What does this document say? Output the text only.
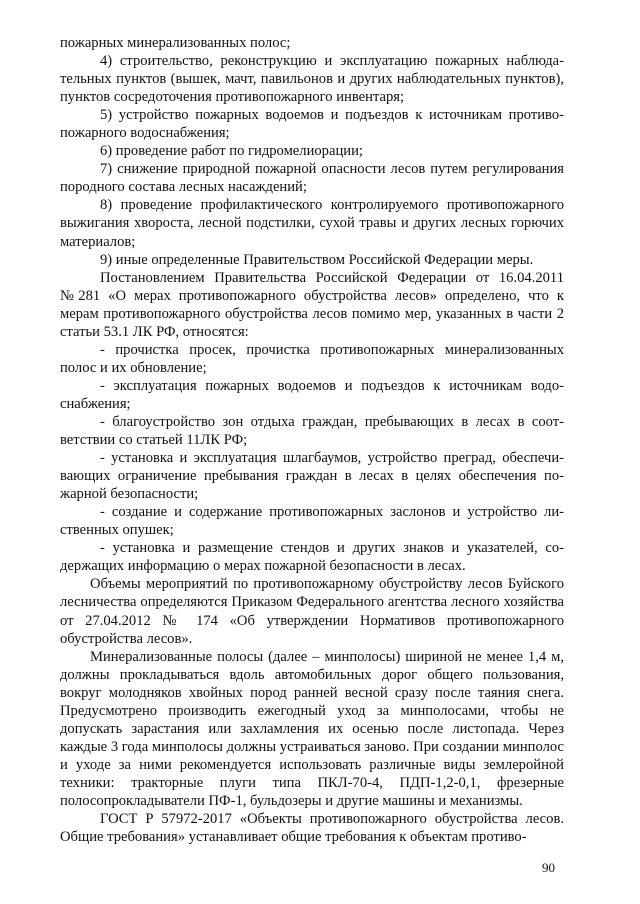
пожарных минерализованных полос;

4) строительство, реконструкцию и эксплуатацию пожарных наблюдательных пунктов (вышек, мачт, павильонов и других наблюдательных пунктов), пунктов сосредоточения противопожарного инвентаря;

5) устройство пожарных водоемов и подъездов к источникам противопожарного водоснабжения;

6) проведение работ по гидромелиорации;

7) снижение природной пожарной опасности лесов путем регулирования породного состава лесных насаждений;

8) проведение профилактического контролируемого противопожарного выжигания хвороста, лесной подстилки, сухой травы и других лесных горючих материалов;

9) иные определенные Правительством Российской Федерации меры.

Постановлением Правительства Российской Федерации от 16.04.2011 №281 «О мерах противопожарного обустройства лесов» определено, что к мерам противопожарного обустройства лесов помимо мер, указанных в части 2 статьи 53.1 ЛК РФ, относятся:

- прочистка просек, прочистка противопожарных минерализованных полос и их обновление;

- эксплуатация пожарных водоемов и подъездов к источникам водоснабжения;

- благоустройство зон отдыха граждан, пребывающих в лесах в соответствии со статьей 11ЛК РФ;

- установка и эксплуатация шлагбаумов, устройство преград, обеспечивающих ограничение пребывания граждан в лесах в целях обеспечения пожарной безопасности;

- создание и содержание противопожарных заслонов и устройство лиственных опушек;

- установка и размещение стендов и других знаков и указателей, содержащих информацию о мерах пожарной безопасности в лесах.

Объемы мероприятий по противопожарному обустройству лесов Буйского лесничества определяются Приказом Федерального агентства лесного хозяйства от 27.04.2012 № 174 «Об утверждении Нормативов противопожарного обустройства лесов».

Минерализованные полосы (далее – минполосы) шириной не менее 1,4 м, должны прокладываться вдоль автомобильных дорог общего пользования, вокруг молодняков хвойных пород ранней весной сразу после таяния снега. Предусмотрено производить ежегодный уход за минполосами, чтобы не допускать зарастания или захламления их осенью после листопада. Через каждые 3 года минполосы должны устраиваться заново. При создании минполос и уходе за ними рекомендуется использовать различные виды землеройной техники: тракторные плуги типа ПКЛ-70-4, ПДП-1,2-0,1, фрезерные полосопрокладыватели ПФ-1, бульдозеры и другие машины и механизмы.

ГОСТ Р 57972-2017 «Объекты противопожарного обустройства лесов. Общие требования» устанавливает общие требования к объектам противо-

90
